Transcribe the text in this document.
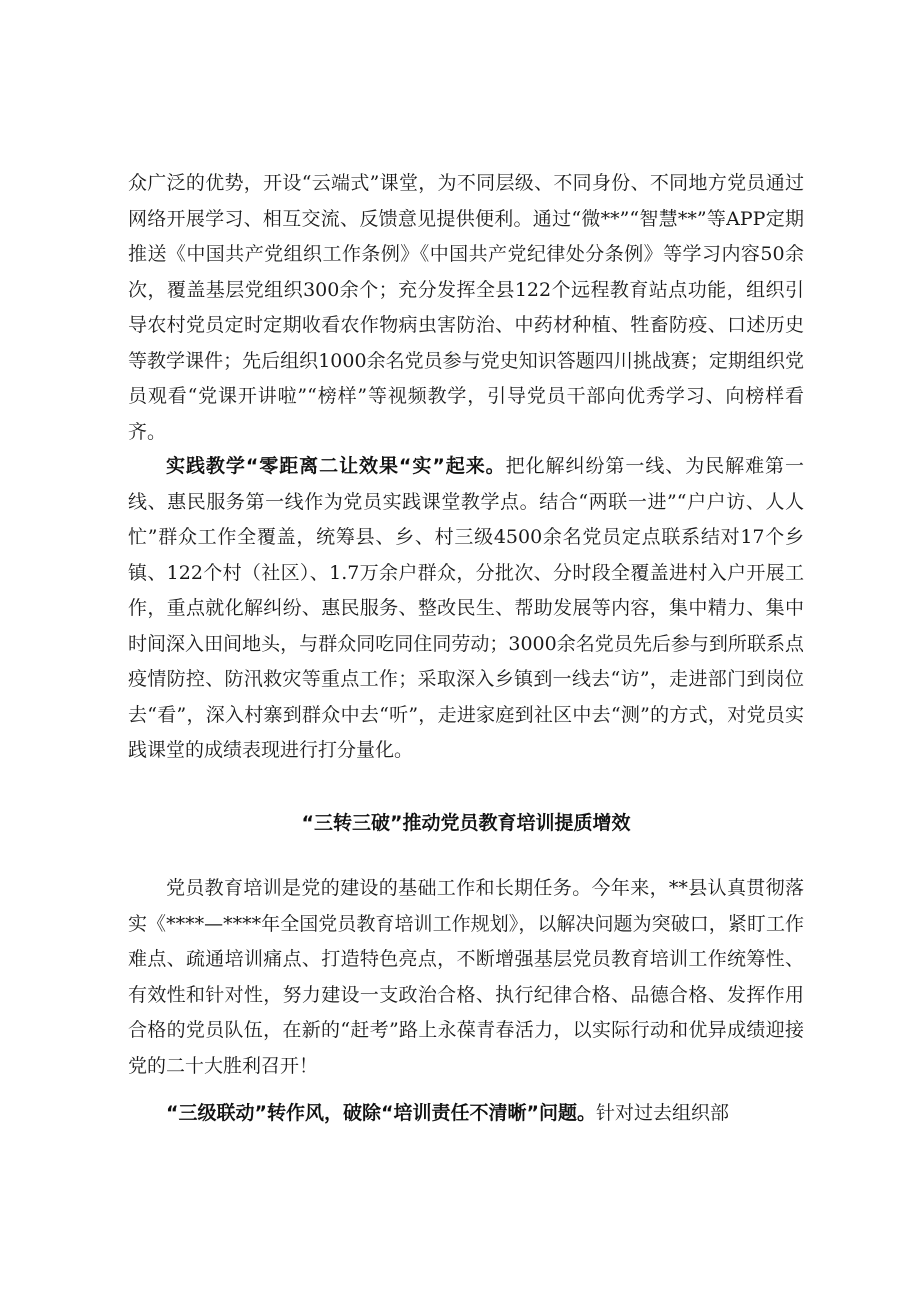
众广泛的优势，开设“云端式”课堂，为不同层级、不同身份、不同地方党员通过网络开展学习、相互交流、反馈意见提供便利。通过“微**”“智慧**”等APP定期推送《中国共产党组织工作条例》《中国共产党纪律处分条例》等学习内容50余次，覆盖基层党组织300余个；充分发挥全县122个远程教育站点功能，组织引导农村党员定时定期收看农作物病虫害防治、中药材种植、牲畜防疫、口述历史等教学课件；先后组织1000余名党员参与党史知识答题四川挑战赛；定期组织党员观看“党课开讲啦”“榜样”等视频教学，引导党员干部向优秀学习、向榜样看齐。

实践教学“零距离二让效果“实”起来。把化解纠纷第一线、为民解难第一线、惠民服务第一线作为党员实践课堂教学点。结合“两联一进”“户户访、人人忙”群众工作全覆盖，统筹县、乡、村三级4500余名党员定点联系结对17个乡镇、122个村（社区）、1.7万余户群众，分批次、分时段全覆盖进村入户开展工作，重点就化解纠纷、惠民服务、整改民生、帮助发展等内容，集中精力、集中时间深入田间地头，与群众同吃同住同劳动；3000余名党员先后参与到所联系点疫情防控、防汛救灾等重点工作；采取深入乡镇到一线去“访”，走进部门到岗位去“看”，深入村寨到群众中去“听”，走进家庭到社区中去“测”的方式，对党员实践课堂的成绩表现进行打分量化。

“三转三破”推动党员教育培训提质增效

党员教育培训是党的建设的基础工作和长期任务。今年来，**县认真贯彻落实《****—****年全国党员教育培训工作规划》，以解决问题为突破口，紧盯工作难点、疏通培训痛点、打造特色亮点，不断增强基层党员教育培训工作统筹性、有效性和针对性，努力建设一支政治合格、执行纪律合格、品德合格、发挥作用合格的党员队伍，在新的“赶考”路上永葆青春活力，以实际行动和优异成绩迎接党的二十大胜利召开！

“三级联动”转作风，破除“培训责任不清晰”问题。针对过去组织部
